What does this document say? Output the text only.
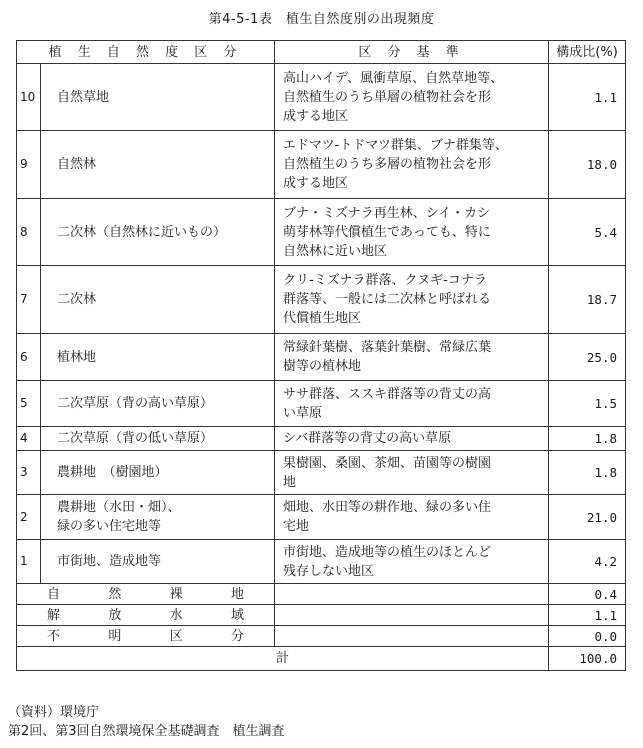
第4-5-1表　植生自然度別の出現頻度
植 生 自 然 度 区 分		区 分 基 準	構成比(%)
10	自然草地	高山ハイデ、風衝草原、自然草地等、
自然植生のうち単層の植物社会を形
成する地区	1.1
9	自然林	エドマツ-トドマツ群集、ブナ群集等、
自然植生のうち多層の植物社会を形
成する地区	18.0
8	二次林（自然林に近いもの）	ブナ・ミズナラ再生林、シイ・カシ
萌芽林等代償植生であっても、特に
自然林に近い地区	5.4
7	二次林	クリ-ミズナラ群落、クヌギ-コナラ
群落等、一般には二次林と呼ばれる
代償植生地区	18.7
6	植林地	常緑針葉樹、落葉針葉樹、常緑広葉
樹等の植林地	25.0
5	二次草原（背の高い草原）	ササ群落、ススキ群落等の背丈の高
い草原	1.5
4	二次草原（背の低い草原）	シバ群落等の背丈の高い草原	1.8
3	農耕地　（樹園地）	果樹園、桑園、茶畑、苗園等の樹園
地	1.8
2	農耕地（水田・畑）、
緑の多い住宅地等	畑地、水田等の耕作地、緑の多い住
宅地	21.0
1	市街地、造成地等	市街地、造成地等の植生のほとんど
残存しない地区	4.2

自 然 裸 地			0.4

解 放 水 域			1.1

不 明 区 分			0.0
計			100.0
（資料）環境庁
第2回、第3回自然環境保全基礎調査　植生調査
